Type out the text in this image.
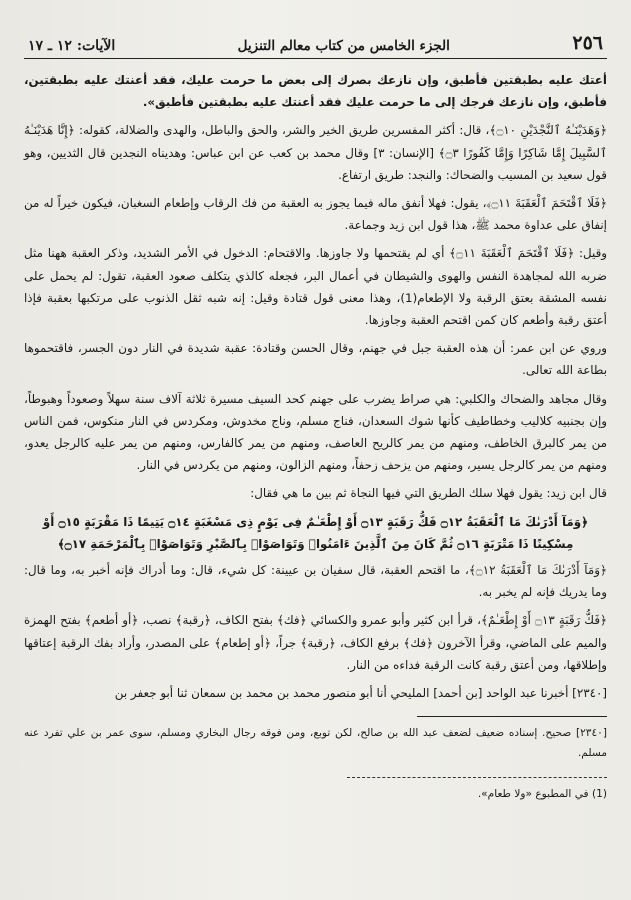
٢٥٦
الجزء الخامس من كتاب معالم التنزيل
الآيات: ١٢ ـ ١٧

أعتك عليه بطبقتين فأطبق، وإن نازعك بصرك إلى بعض ما حرمت عليك، فقد أعنتك عليه بطبقتين، فأطبق، وإن نازعك فرجك إلى ما حرمت عليك فقد أعنتك عليه بطبقتين فأطبق».

﴿وَهَدَيْنَـٰهُ ٱلنَّجْدَيْنِ ۝١٠﴾، قال: أكثر المفسرين طريق الخير والشر، والحق والباطل، والهدى والضلالة، كقوله: ﴿إِنَّا هَدَيْنَـٰهُ ٱلسَّبِيلَ إِمَّا شَاكِرًا وَإِمَّا كَفُورًا ۝٣﴾ [الإنسان: ٣] وقال محمد بن كعب عن ابن عباس: وهديناه النجدين قال الثديين، وهو قول سعيد بن المسيب والضحاك: والنجد: طريق ارتفاع.

﴿فَلَا ٱقْتَحَمَ ٱلْعَقَبَةَ ۝١١﴾، يقول: فهلا أنفق ماله فيما يجوز به العقبة من فك الرقاب وإطعام السغبان، فيكون خيراً له من إنفاق على عداوة محمد ﷺ، هذا قول ابن زيد وجماعة.

وقيل: ﴿فَلَا ٱقْتَحَمَ ٱلْعَقَبَةَ ۝١١﴾ أي لم يقتحمها ولا جاوزها. والاقتحام: الدخول في الأمر الشديد، وذكر العقبة ههنا مثل ضربه الله لمجاهدة النفس والهوى والشيطان في أعمال البر، فجعله كالذي يتكلف صعود العقبة، تقول: لم يحمل على نفسه المشقة بعتق الرقبة ولا الإطعام(1)، وهذا معنى قول قتادة وقيل: إنه شبه ثقل الذنوب على مرتكبها بعقبة فإذا أعتق رقبة وأطعم كان كمن اقتحم العقبة وجاوزها.

وروي عن ابن عمر: أن هذه العقبة جبل في جهنم، وقال الحسن وقتادة: عقبة شديدة في النار دون الجسر، فاقتحموها بطاعة الله تعالى.

وقال مجاهد والضحاك والكلبي: هي صراط يضرب على جهنم كحد السيف مسيرة ثلاثة آلاف سنة سهلاً وصعوداً وهبوطاً، وإن بجنبيه كلاليب وخطاطيف كأنها شوك السعدان، فناج مسلم، وناج مخدوش، ومكردس في النار منكوس، فمن الناس من يمر كالبرق الخاطف، ومنهم من يمر كالريح العاصف، ومنهم من يمر كالفارس، ومنهم من يمر عليه كالرجل يعدو، ومنهم من يمر كالرجل يسير، ومنهم من يزحف زحفاً، ومنهم الزالون، ومنهم من يكردس في النار.

قال ابن زيد: يقول فهلا سلك الطريق التي فيها النجاة ثم بين ما هي فقال:

﴿وَمَآ أَدْرَىٰكَ مَا ٱلْعَقَبَةُ ۝١٢ فَكُّ رَقَبَةٍ ۝١٣ أَوْ إِطْعَـٰمٌ فِى يَوْمٍ ذِى مَسْغَبَةٍ ۝١٤ يَتِيمًا ذَا مَقْرَبَةٍ ۝١٥ أَوْ مِسْكِينًا ذَا مَتْرَبَةٍ ۝١٦ ثُمَّ كَانَ مِنَ ٱلَّذِينَ ءَامَنُوا۟ وَتَوَاصَوْا۟ بِٱلصَّبْرِ وَتَوَاصَوْا۟ بِٱلْمَرْحَمَةِ ۝١٧﴾

﴿وَمَآ أَدْرَىٰكَ مَا ٱلْعَقَبَةُ ۝١٢﴾، ما اقتحم العقبة، قال سفيان بن عيينة: كل شيء، قال: وما أدراك فإنه أخبر به، وما قال: وما يدريك فإنه لم يخبر به.

﴿فَكُّ رَقَبَةٍ ۝١٣ أَوْ إِطْعَـٰمٌ﴾، قرأ ابن كثير وأبو عمرو والكسائي ﴿فك﴾ بفتح الكاف، ﴿رقبة﴾ نصب، ﴿أو أطعم﴾ بفتح الهمزة والميم على الماضي، وقرأ الآخرون ﴿فك﴾ برفع الكاف، ﴿رقبة﴾ جراً، ﴿أو إطعام﴾ على المصدر، وأراد بفك الرقبة إعتاقها وإطلاقها، ومن أعتق رقبة كانت الرقبة فداءه من النار.

[٢٣٤٠] أخبرنا عبد الواحد [بن أحمد] المليحي أنا أبو منصور محمد بن محمد بن سمعان ثنا أبو جعفر بن

[٢٣٤٠] صحيح. إسناده ضعيف لضعف عبد الله بن صالح، لكن توبع، ومن فوقه رجال البخاري ومسلم، سوى عمر بن علي تفرد عنه مسلم.

(1) في المطبوع «ولا طعام».
